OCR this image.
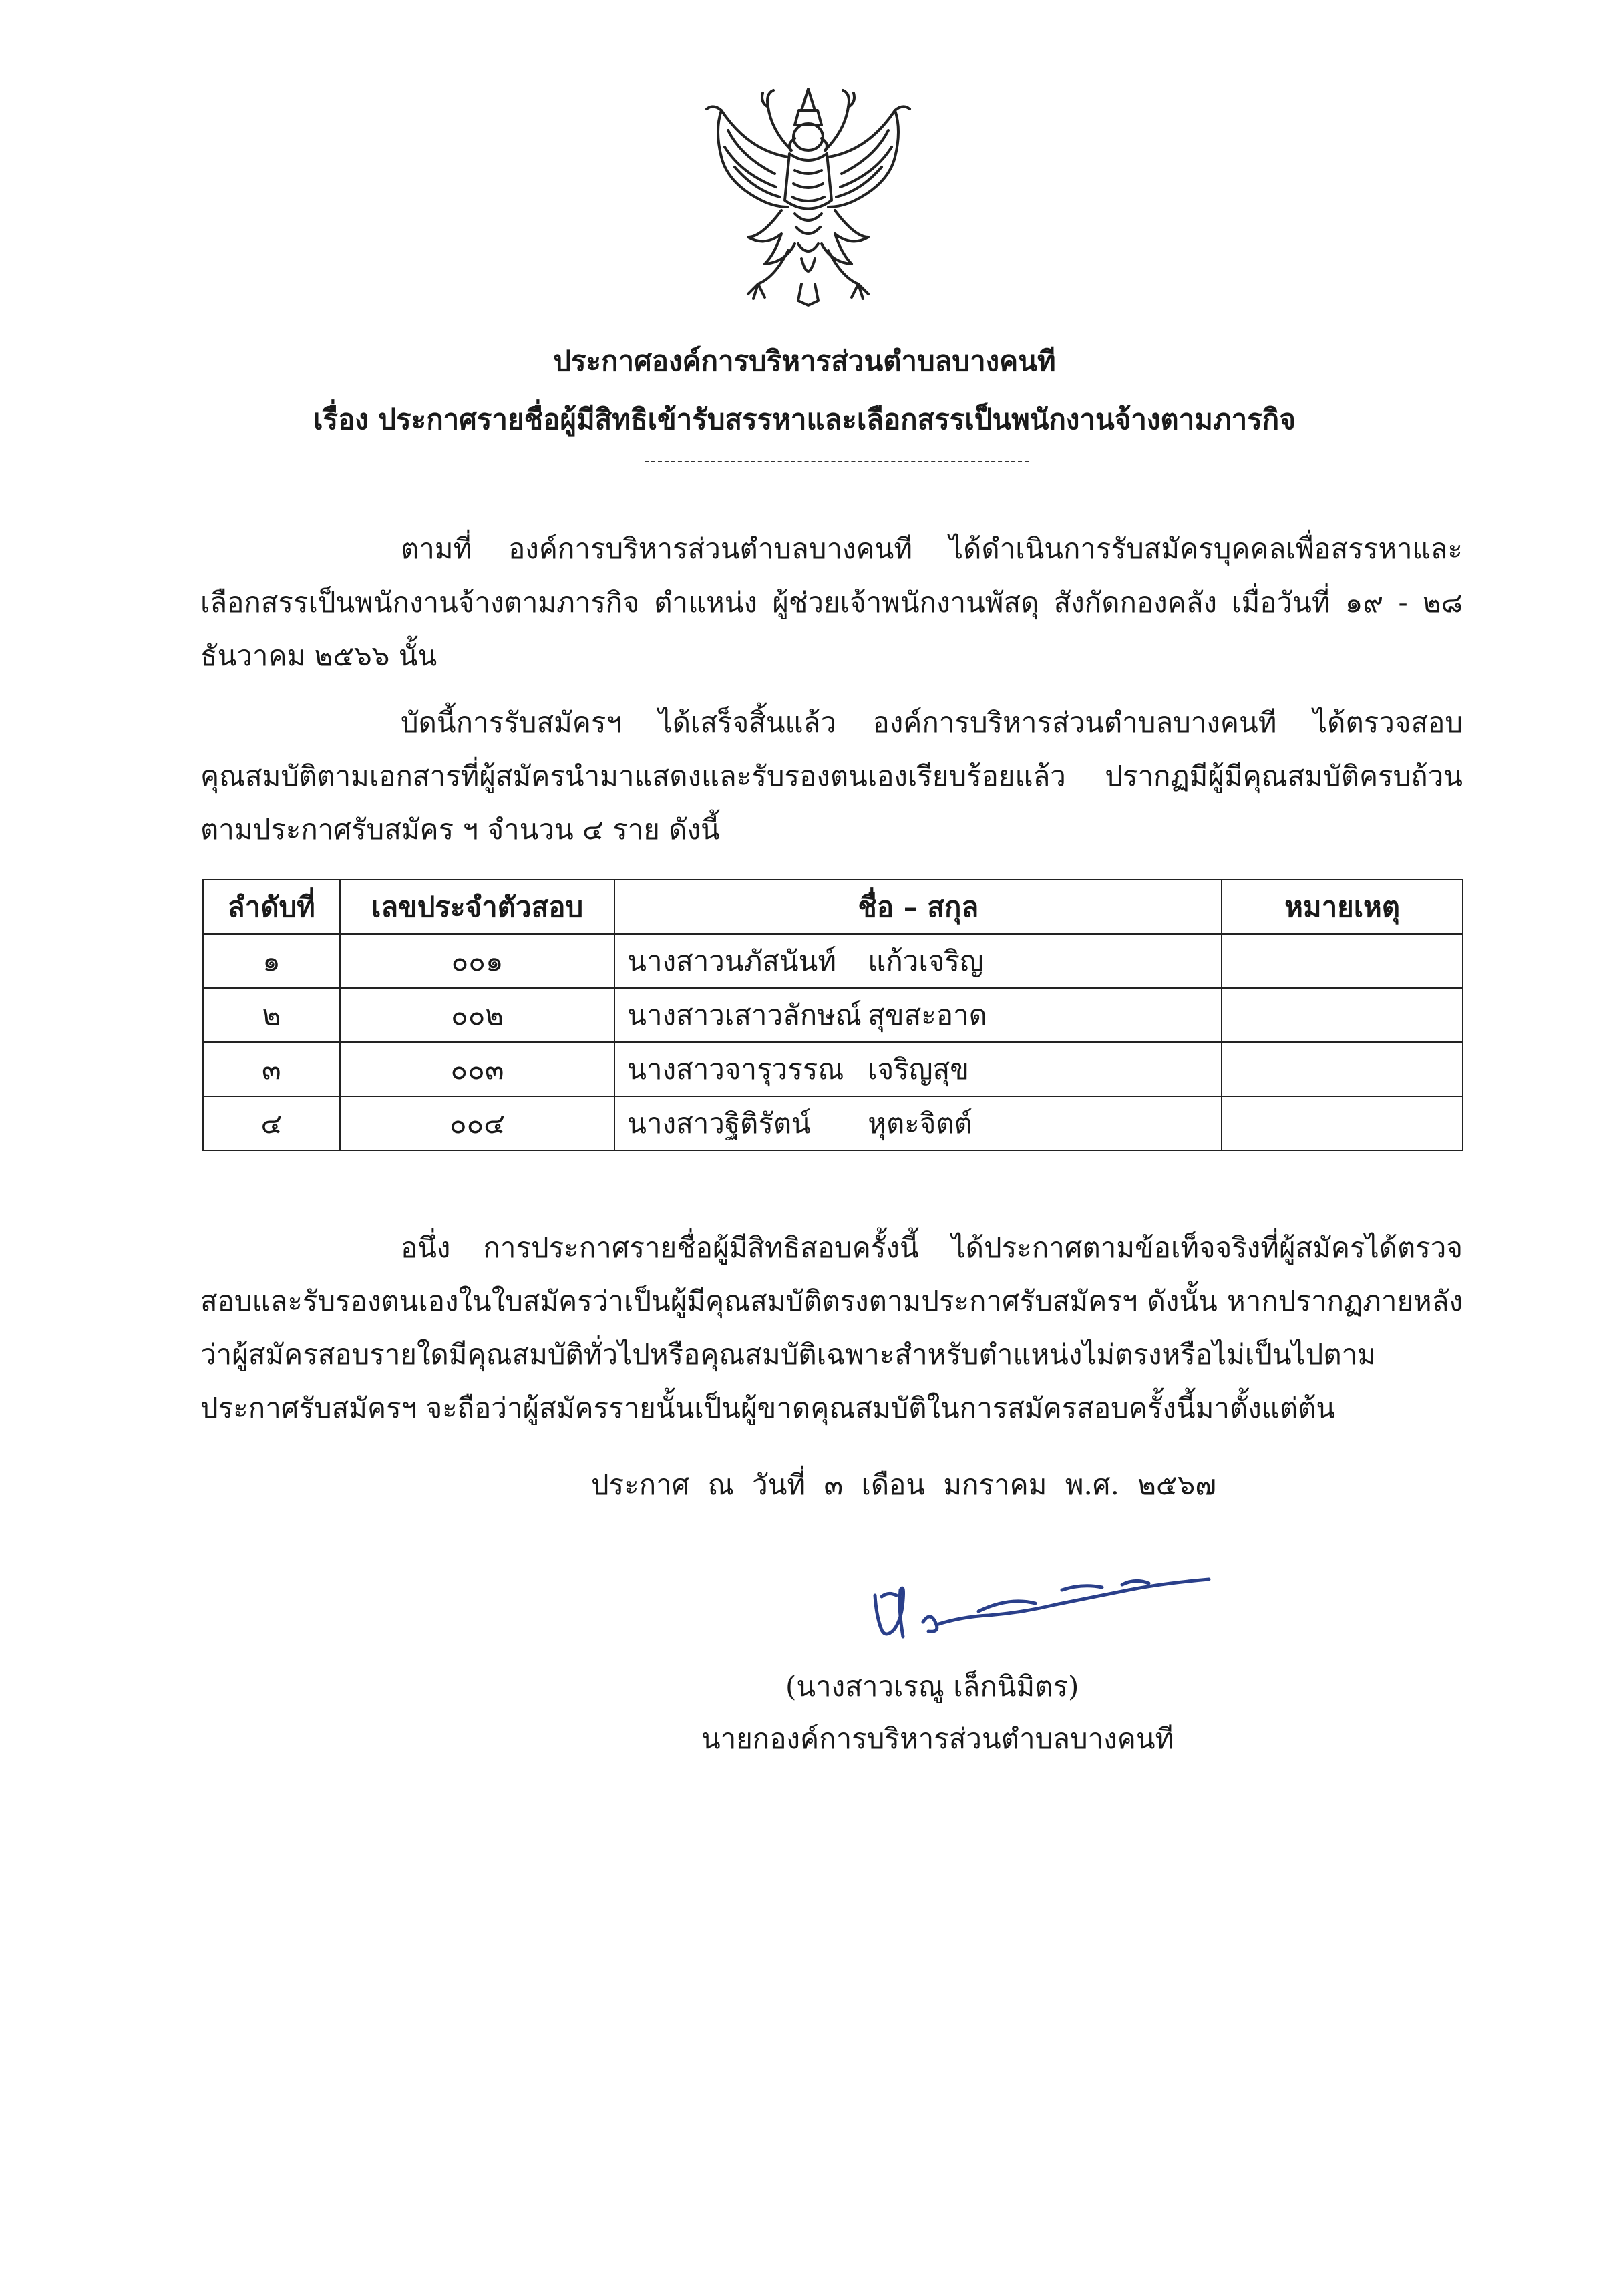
ประกาศองค์การบริหารส่วนตำบลบางคนที
เรื่อง ประกาศรายชื่อผู้มีสิทธิเข้ารับสรรหาและเลือกสรรเป็นพนักงานจ้างตามภารกิจ

ตามที่ องค์การบริหารส่วนตำบลบางคนที ได้ดำเนินการรับสมัครบุคคลเพื่อสรรหาและเลือกสรรเป็นพนักงานจ้างตามภารกิจ ตำแหน่ง ผู้ช่วยเจ้าพนักงานพัสดุ สังกัดกองคลัง เมื่อวันที่ ๑๙ - ๒๘ ธันวาคม ๒๕๖๖ นั้น

บัดนี้การรับสมัครฯ ได้เสร็จสิ้นแล้ว องค์การบริหารส่วนตำบลบางคนที ได้ตรวจสอบคุณสมบัติตามเอกสารที่ผู้สมัครนำมาแสดงและรับรองตนเองเรียบร้อยแล้ว ปรากฏมีผู้มีคุณสมบัติครบถ้วนตามประกาศรับสมัคร ฯ จำนวน ๔ ราย ดังนี้

ลำดับที่	เลขประจำตัวสอบ	ชื่อ – สกุล	หมายเหตุ
๑	๐๐๑	นางสาวนภัสนันท์ แก้วเจริญ	
๒	๐๐๒	นางสาวเสาวลักษณ์ สุขสะอาด	
๓	๐๐๓	นางสาวจารุวรรณ เจริญสุข	
๔	๐๐๔	นางสาวฐิติรัตน์ หุตะจิตต์	

อนึ่ง การประกาศรายชื่อผู้มีสิทธิสอบครั้งนี้ ได้ประกาศตามข้อเท็จจริงที่ผู้สมัครได้ตรวจสอบและรับรองตนเองในใบสมัครว่าเป็นผู้มีคุณสมบัติตรงตามประกาศรับสมัครฯ ดังนั้น หากปรากฏภายหลังว่าผู้สมัครสอบรายใดมีคุณสมบัติทั่วไปหรือคุณสมบัติเฉพาะสำหรับตำแหน่งไม่ตรงหรือไม่เป็นไปตามประกาศรับสมัครฯ จะถือว่าผู้สมัครรายนั้นเป็นผู้ขาดคุณสมบัติในการสมัครสอบครั้งนี้มาตั้งแต่ต้น

ประกาศ ณ วันที่ ๓ เดือน มกราคม พ.ศ. ๒๕๖๗
(นางสาวเรณู เล็กนิมิตร)
นายกองค์การบริหารส่วนตำบลบางคนที
